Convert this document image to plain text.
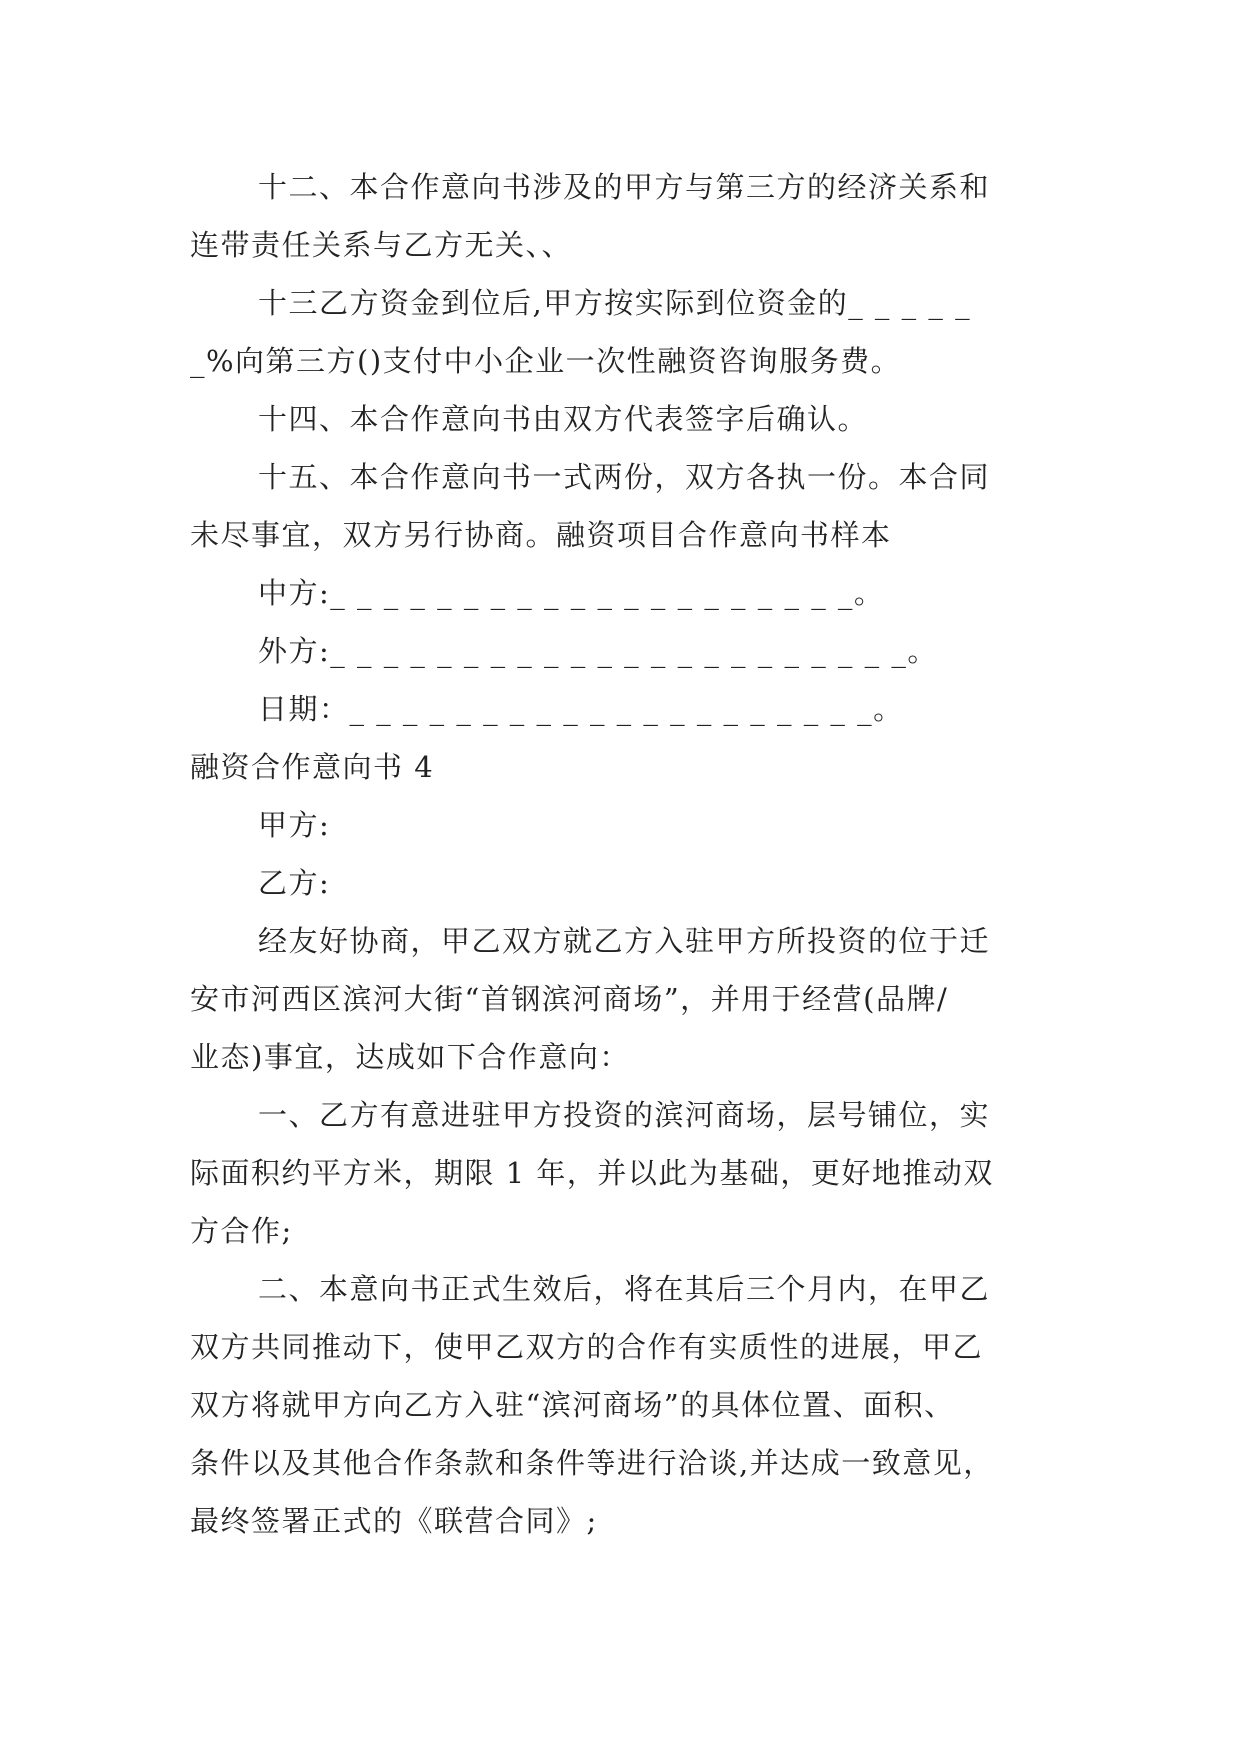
十二、本合作意向书涉及的甲方与第三方的经济关系和
连带责任关系与乙方无关、、
十三乙方资金到位后,甲方按实际到位资金的_ _ _ _ _
_%向第三方()支付中小企业一次性融资咨询服务费。
十四、本合作意向书由双方代表签字后确认。
十五、本合作意向书一式两份，双方各执一份。本合同
未尽事宜，双方另行协商。融资项目合作意向书样本
中方:_ _ _ _ _ _ _ _ _ _ _ _ _ _ _ _ _ _ _ _。
外方:_ _ _ _ _ _ _ _ _ _ _ _ _ _ _ _ _ _ _ _ _ _。
日期：_ _ _ _ _ _ _ _ _ _ _ _ _ _ _ _ _ _ _ _。
融资合作意向书 4
甲方:
乙方:
经友好协商，甲乙双方就乙方入驻甲方所投资的位于迁
安市河西区滨河大街“首钢滨河商场”，并用于经营(品牌/
业态)事宜，达成如下合作意向：
一、乙方有意进驻甲方投资的滨河商场，层号铺位，实
际面积约平方米，期限 1 年，并以此为基础，更好地推动双
方合作;
二、本意向书正式生效后，将在其后三个月内，在甲乙
双方共同推动下，使甲乙双方的合作有实质性的进展，甲乙
双方将就甲方向乙方入驻“滨河商场”的具体位置、面积、
条件以及其他合作条款和条件等进行洽谈,并达成一致意见，
最终签署正式的《联营合同》;
